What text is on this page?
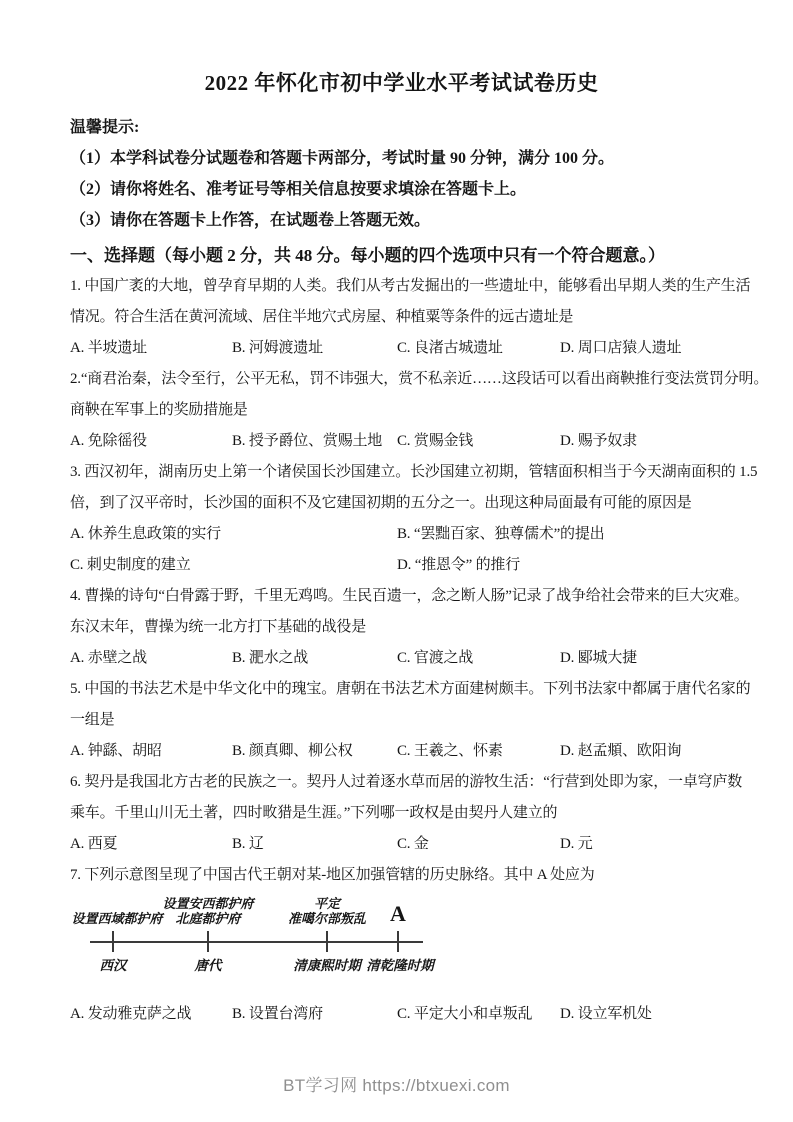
2022 年怀化市初中学业水平考试试卷历史
温馨提示:
（1）本学科试卷分试题卷和答题卡两部分，考试时量 90 分钟，满分 100 分。
（2）请你将姓名、准考证号等相关信息按要求填涂在答题卡上。
（3）请你在答题卡上作答，在试题卷上答题无效。
一、选择题（每小题 2 分，共 48 分。每小题的四个选项中只有一个符合题意。）
1. 中国广袤的大地，曾孕育早期的人类。我们从考古发掘出的一些遗址中，能够看出早期人类的生产生活
情况。符合生活在黄河流域、居住半地穴式房屋、种植粟等条件的远古遗址是
A. 半坡遗址	B. 河姆渡遗址	C. 良渚古城遗址	D. 周口店猿人遗址
2.“商君治秦，法令至行，公平无私，罚不讳强大，赏不私亲近……这段话可以看出商鞅推行变法赏罚分明。
商鞅在军事上的奖励措施是
A. 免除徭役	B. 授予爵位、赏赐土地 C. 赏赐金钱	D. 赐予奴隶
3. 西汉初年，湖南历史上第一个诸侯国长沙国建立。长沙国建立初期，管辖面积相当于今天湖南面积的 1.5
倍，到了汉平帝时，长沙国的面积不及它建国初期的五分之一。出现这种局面最有可能的原因是
A. 休养生息政策的实行	B. “罢黜百家、独尊儒术”的提出
C. 刺史制度的建立	D. “推恩令” 的推行
4. 曹操的诗句“白骨露于野，千里无鸡鸣。生民百遗一，念之断人肠”记录了战争给社会带来的巨大灾难。
东汉末年，曹操为统一北方打下基础的战役是
A. 赤壁之战	B. 淝水之战	C. 官渡之战	D. 郾城大捷
5. 中国的书法艺术是中华文化中的瑰宝。唐朝在书法艺术方面建树颇丰。下列书法家中都属于唐代名家的
一组是
A. 钟繇、胡昭	B. 颜真卿、柳公权	C. 王羲之、怀素	D. 赵孟頫、欧阳询
6. 契丹是我国北方古老的民族之一。契丹人过着逐水草而居的游牧生活：“行营到处即为家，一卓穹庐数
乘车。千里山川无土著，四时畋猎是生涯。”下列哪一政权是由契丹人建立的
A. 西夏	B. 辽	C. 金	D. 元
7. 下列示意图呈现了中国古代王朝对某-地区加强管辖的历史脉络。其中 A 处应为
设置安西都护府	平定
设置西域都护府 北庭都护府	准噶尔部叛乱 A
西汉	唐代	清康熙时期 清乾隆时期
A. 发动雅克萨之战	B. 设置台湾府	C. 平定大小和卓叛乱 D. 设立军机处
BT学习网 https://btxuexi.com
